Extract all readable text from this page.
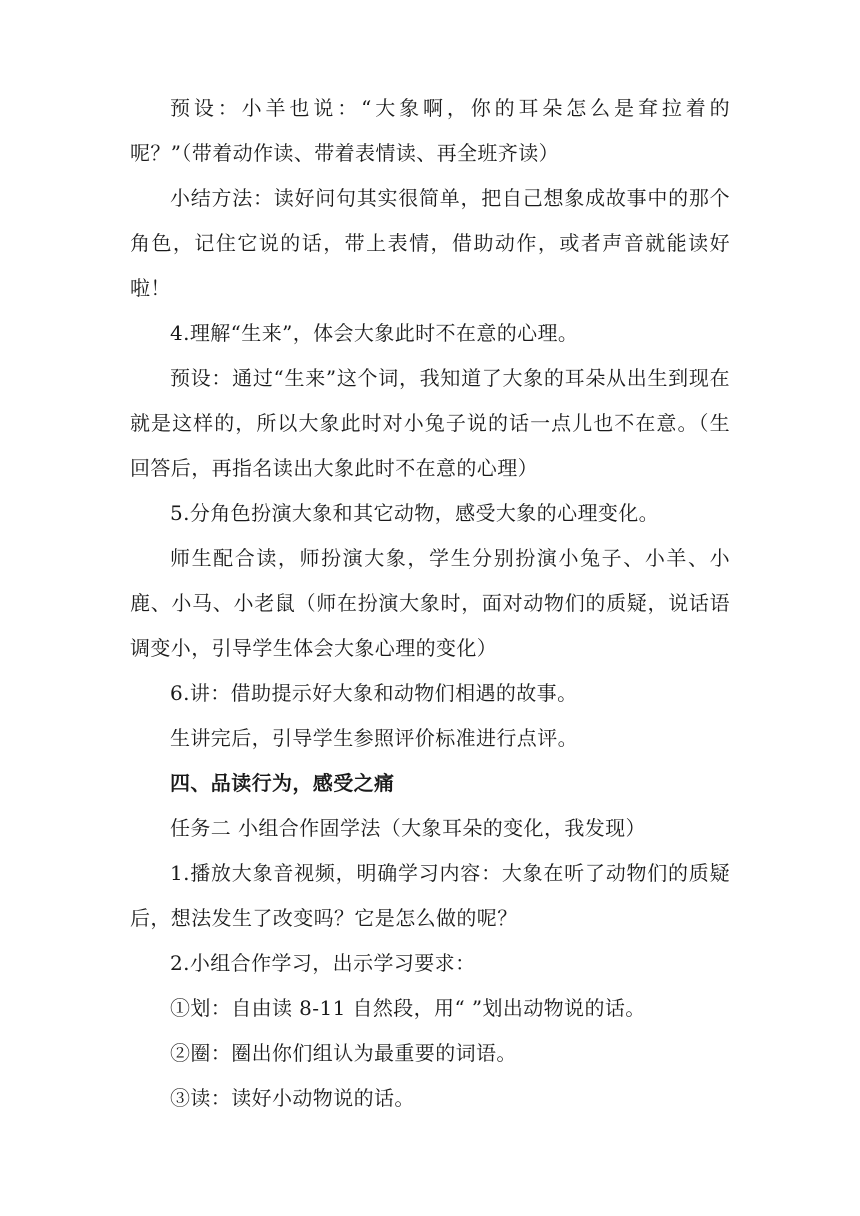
预设：小羊也说：“大象啊，你的耳朵怎么是耷拉着的呢？”（带着动作读、带着表情读、再全班齐读）

小结方法：读好问句其实很简单，把自己想象成故事中的那个角色，记住它说的话，带上表情，借助动作，或者声音就能读好啦！

4.理解“生来”，体会大象此时不在意的心理。

预设：通过“生来”这个词，我知道了大象的耳朵从出生到现在就是这样的，所以大象此时对小兔子说的话一点儿也不在意。（生回答后，再指名读出大象此时不在意的心理）

5.分角色扮演大象和其它动物，感受大象的心理变化。

师生配合读，师扮演大象，学生分别扮演小兔子、小羊、小鹿、小马、小老鼠（师在扮演大象时，面对动物们的质疑，说话语调变小，引导学生体会大象心理的变化）

6.讲：借助提示好大象和动物们相遇的故事。

生讲完后，引导学生参照评价标准进行点评。

四、品读行为，感受之痛

任务二 小组合作固学法（大象耳朵的变化，我发现）

1.播放大象音视频，明确学习内容：大象在听了动物们的质疑后，想法发生了改变吗？它是怎么做的呢？

2.小组合作学习，出示学习要求：

①划：自由读 8-11 自然段，用“ ”划出动物说的话。

②圈：圈出你们组认为最重要的词语。

③读：读好小动物说的话。
